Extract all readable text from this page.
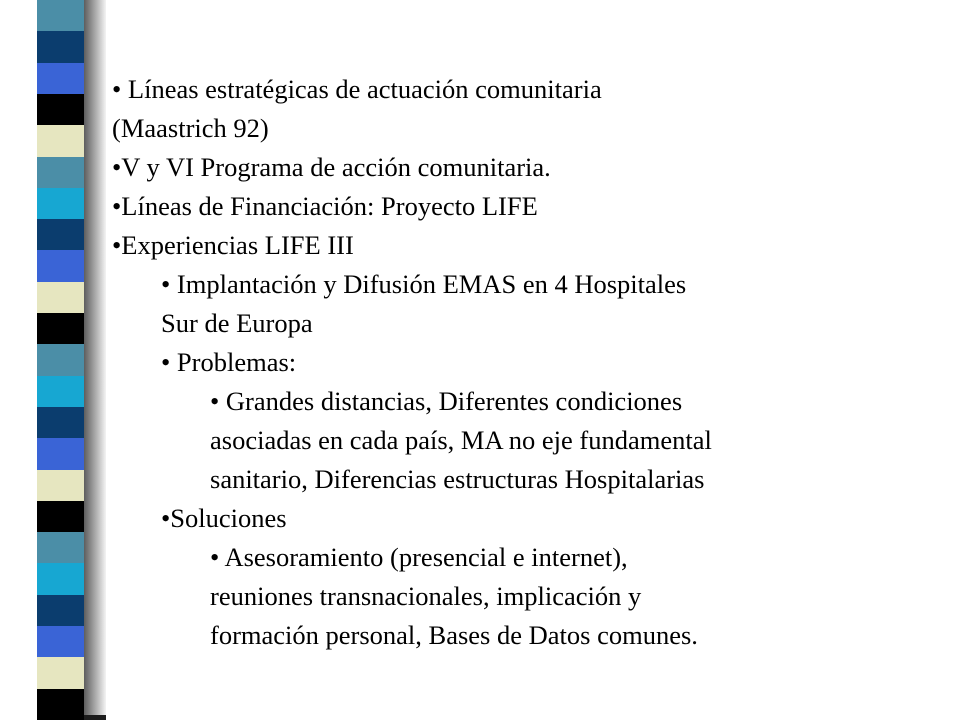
• Líneas estratégicas de actuación comunitaria
(Maastrich 92)
•V y VI Programa de acción comunitaria.
•Líneas de Financiación: Proyecto LIFE
•Experiencias LIFE III
• Implantación y Difusión EMAS en 4 Hospitales
Sur de Europa
• Problemas:
• Grandes distancias, Diferentes condiciones
asociadas en cada país, MA no eje fundamental
sanitario, Diferencias estructuras Hospitalarias
•Soluciones
• Asesoramiento (presencial e internet),
reuniones transnacionales, implicación y
formación personal, Bases de Datos comunes.
